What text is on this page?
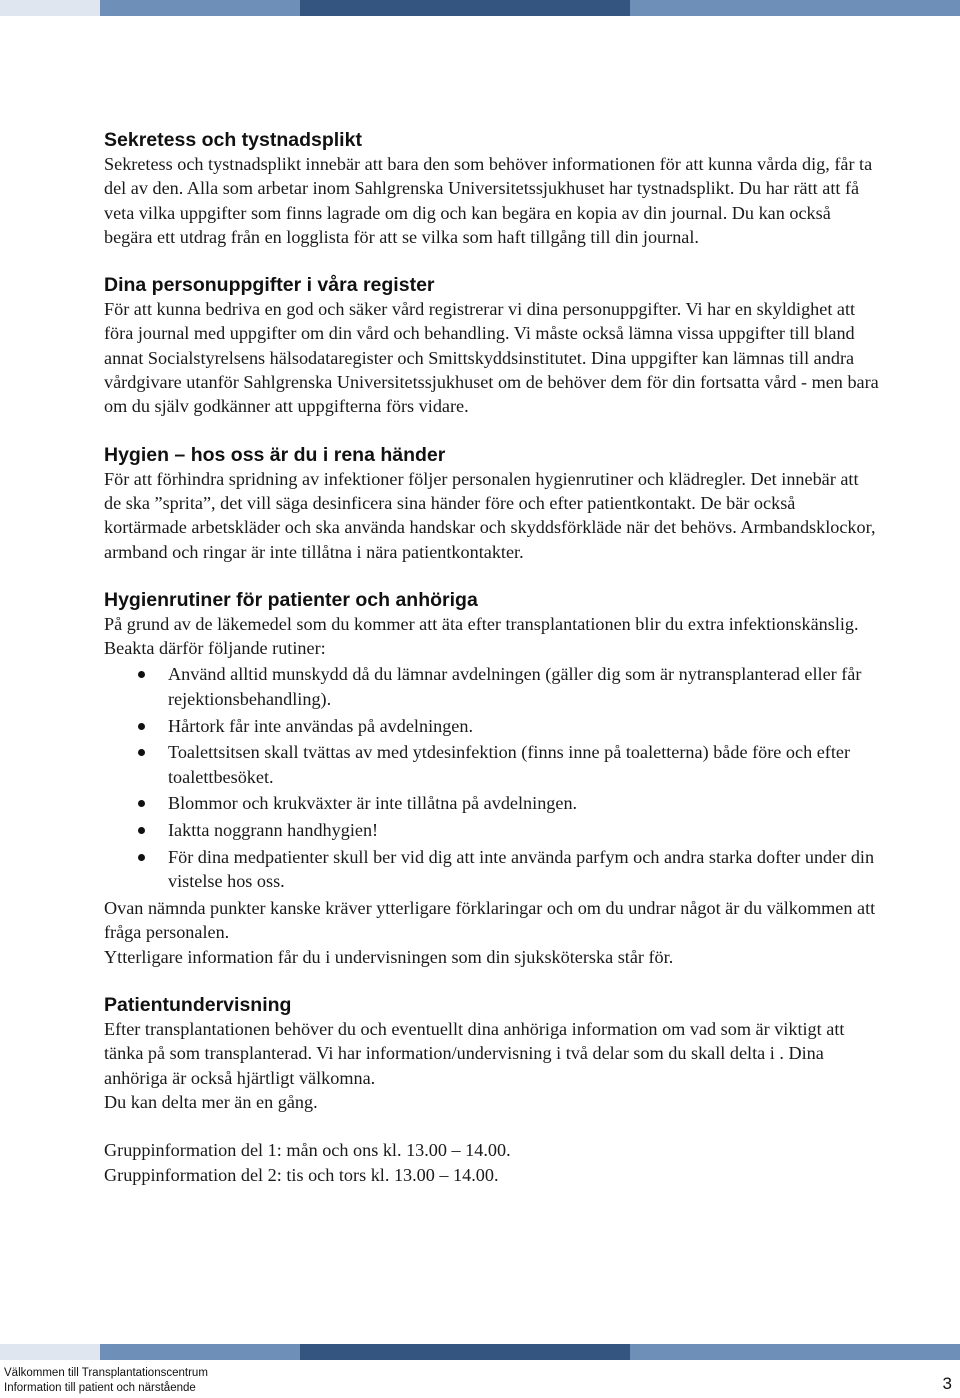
Sekretess och tystnadsplikt

Sekretess och tystnadsplikt innebär att bara den som behöver informationen för att kunna vårda dig, får ta del av den. Alla som arbetar inom Sahlgrenska Universitetssjukhuset har tystnadsplikt. Du har rätt att få veta vilka uppgifter som finns lagrade om dig och kan begära en kopia av din journal. Du kan också begära ett utdrag från en logglista för att se vilka som haft tillgång till din journal.

Dina personuppgifter i våra register

För att kunna bedriva en god och säker vård registrerar vi dina personuppgifter. Vi har en skyldighet att föra journal med uppgifter om din vård och behandling. Vi måste också lämna vissa uppgifter till bland annat Socialstyrelsens hälsodataregister och Smittskyddsinstitutet. Dina uppgifter kan lämnas till andra vårdgivare utanför Sahlgrenska Universitetssjukhuset om de behöver dem för din fortsatta vård - men bara om du själv godkänner att uppgifterna förs vidare.

Hygien – hos oss är du i rena händer

För att förhindra spridning av infektioner följer personalen hygienrutiner och klädregler. Det innebär att de ska ”sprita”, det vill säga desinficera sina händer före och efter patientkontakt. De bär också kortärmade arbetskläder och ska använda handskar och skyddsförkläde när det behövs. Armbandsklockor, armband och ringar är inte tillåtna i nära patientkontakter.

Hygienrutiner för patienter och anhöriga

På grund av de läkemedel som du kommer att äta efter transplantationen blir du extra infektionskänslig. Beakta därför följande rutiner:

Använd alltid munskydd då du lämnar avdelningen (gäller dig som är nytransplanterad eller får rejektionsbehandling).
Hårtork får inte användas på avdelningen.
Toalettsitsen skall tvättas av med ytdesinfektion (finns inne på toaletterna) både före och efter toalettbesöket.
Blommor och krukväxter är inte tillåtna på avdelningen.
Iaktta noggrann handhygien!
För dina medpatienter skull ber vid dig att inte använda parfym och andra starka dofter under din vistelse hos oss.

Ovan nämnda punkter kanske kräver ytterligare förklaringar och om du undrar något är du välkommen att fråga personalen.

Ytterligare information får du i undervisningen som din sjuksköterska står för.

Patientundervisning

Efter transplantationen behöver du och eventuellt dina anhöriga information om vad som är viktigt att tänka på som transplanterad. Vi har information/undervisning i två delar som du skall delta i . Dina anhöriga är också hjärtligt välkomna.

Du kan delta mer än en gång.

Gruppinformation del 1: mån och ons kl. 13.00 – 14.00.

Gruppinformation del 2: tis och tors kl. 13.00 – 14.00.

Välkommen till Transplantationscentrum
Information till patient och närstående	3
